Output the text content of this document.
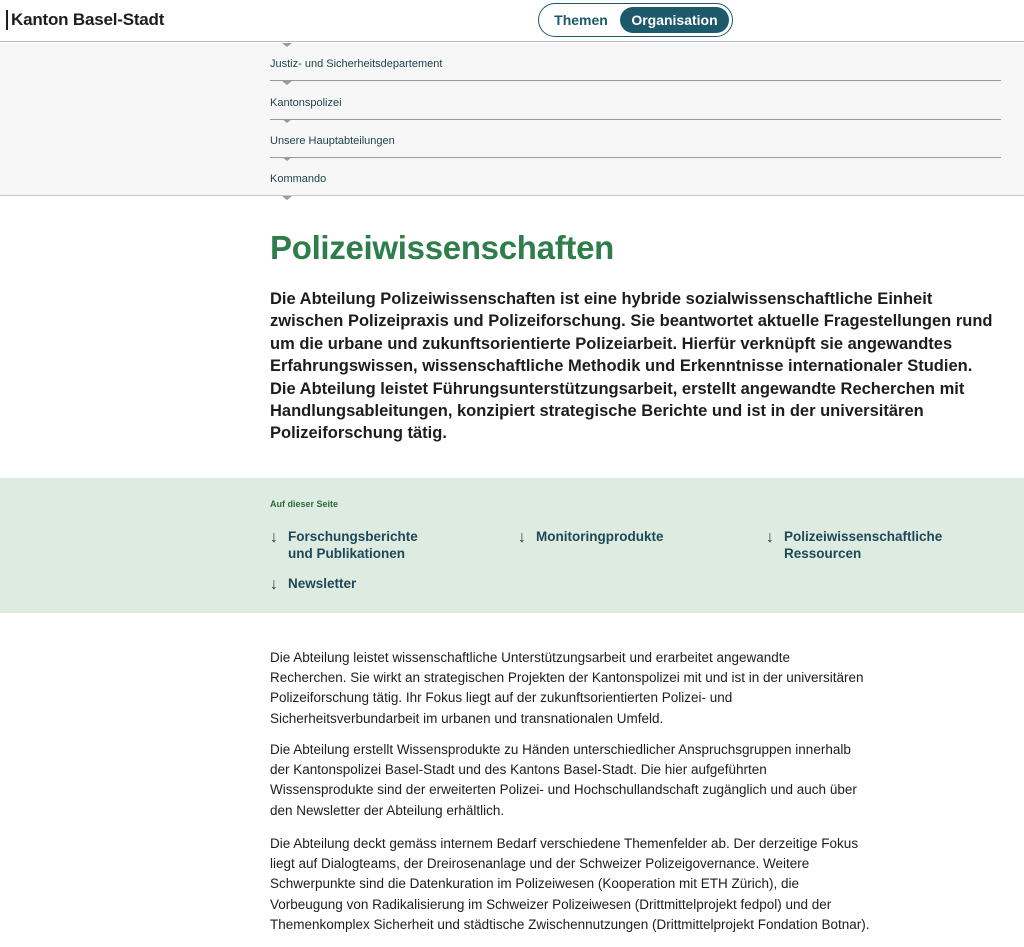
Kanton Basel-Stadt	Themen	Organisation
Justiz- und Sicherheitsdepartement
Kantonspolizei
Unsere Hauptabteilungen
Kommando
Polizeiwissenschaften

Die Abteilung Polizeiwissenschaften ist eine hybride sozialwissenschaftliche Einheit zwischen Polizeipraxis und Polizeiforschung. Sie beantwortet aktuelle Fragestellungen rund um die urbane und zukunftsorientierte Polizeiarbeit. Hierfür verknüpft sie angewandtes Erfahrungswissen, wissenschaftliche Methodik und Erkenntnisse internationaler Studien. Die Abteilung leistet Führungsunterstützungsarbeit, erstellt angewandte Recherchen mit Handlungsableitungen, konzipiert strategische Berichte und ist in der universitären Polizeiforschung tätig.

Auf dieser Seite
↓ Forschungsberichte
und Publikationen
↓ Monitoringprodukte	↓ Polizeiwissenschaftliche
Ressourcen
↓ Newsletter

Die Abteilung leistet wissenschaftliche Unterstützungsarbeit und erarbeitet angewandte Recherchen. Sie wirkt an strategischen Projekten der Kantonspolizei mit und ist in der universitären Polizeiforschung tätig. Ihr Fokus liegt auf der zukunftsorientierten Polizei- und Sicherheitsverbundarbeit im urbanen und transnationalen Umfeld.

Die Abteilung erstellt Wissensprodukte zu Händen unterschiedlicher Anspruchsgruppen innerhalb der Kantonspolizei Basel-Stadt und des Kantons Basel-Stadt. Die hier aufgeführten Wissensprodukte sind der erweiterten Polizei- und Hochschullandschaft zugänglich und auch über den Newsletter der Abteilung erhältlich.

Die Abteilung deckt gemäss internem Bedarf verschiedene Themenfelder ab. Der derzeitige Fokus liegt auf Dialogteams, der Dreirosenanlage und der Schweizer Polizeigovernance. Weitere Schwerpunkte sind die Datenkuration im Polizeiwesen (Kooperation mit ETH Zürich), die Vorbeugung von Radikalisierung im Schweizer Polizeiwesen (Drittmittelprojekt fedpol) und der Themenkomplex Sicherheit und städtische Zwischennutzungen (Drittmittelprojekt Fondation Botnar).
